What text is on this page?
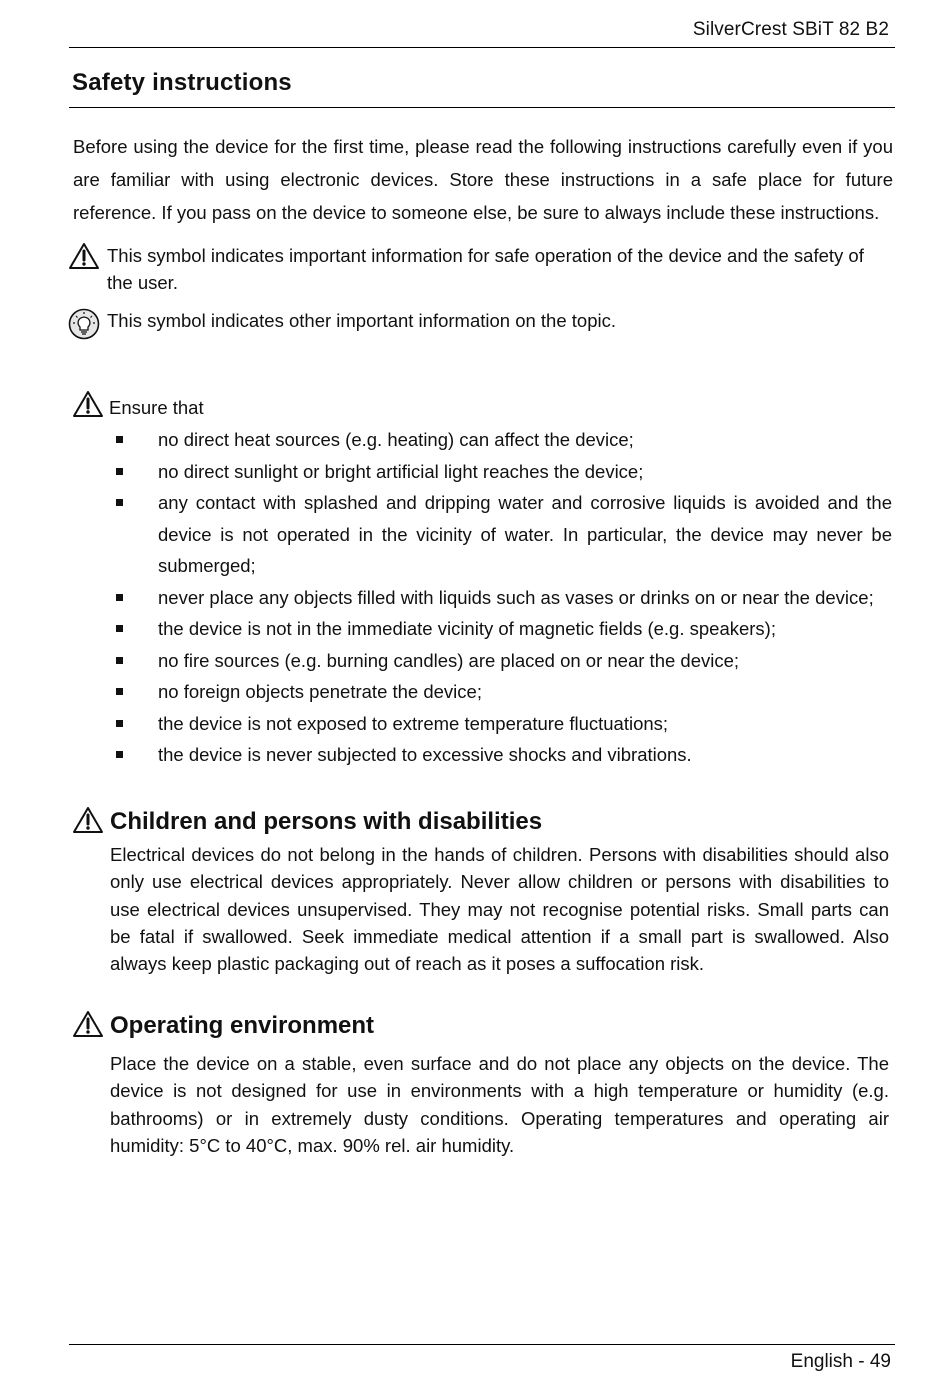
SilverCrest SBiT 82 B2
Safety instructions

Before using the device for the first time, please read the following instructions carefully even if you are familiar with using electronic devices. Store these instructions in a safe place for future reference. If you pass on the device to someone else, be sure to always include these instructions.

This symbol indicates important information for safe operation of the device and the safety of the user.
This symbol indicates other important information on the topic.
Ensure that
no direct heat sources (e.g. heating) can affect the device;
no direct sunlight or bright artificial light reaches the device;
any contact with splashed and dripping water and corrosive liquids is avoided and the device is not operated in the vicinity of water. In particular, the device may never be submerged;
never place any objects filled with liquids such as vases or drinks on or near the device;
the device is not in the immediate vicinity of magnetic fields (e.g. speakers);
no fire sources (e.g. burning candles) are placed on or near the device;
no foreign objects penetrate the device;
the device is not exposed to extreme temperature fluctuations;
the device is never subjected to excessive shocks and vibrations.
Children and persons with disabilities

Electrical devices do not belong in the hands of children. Persons with disabilities should also only use electrical devices appropriately. Never allow children or persons with disabilities to use electrical devices unsupervised. They may not recognise potential risks. Small parts can be fatal if swallowed. Seek immediate medical attention if a small part is swallowed. Also always keep plastic packaging out of reach as it poses a suffocation risk.

Operating environment

Place the device on a stable, even surface and do not place any objects on the device. The device is not designed for use in environments with a high temperature or humidity (e.g. bathrooms) or in extremely dusty conditions. Operating temperatures and operating air humidity: 5°C to 40°C, max. 90% rel. air humidity.

English - 49
